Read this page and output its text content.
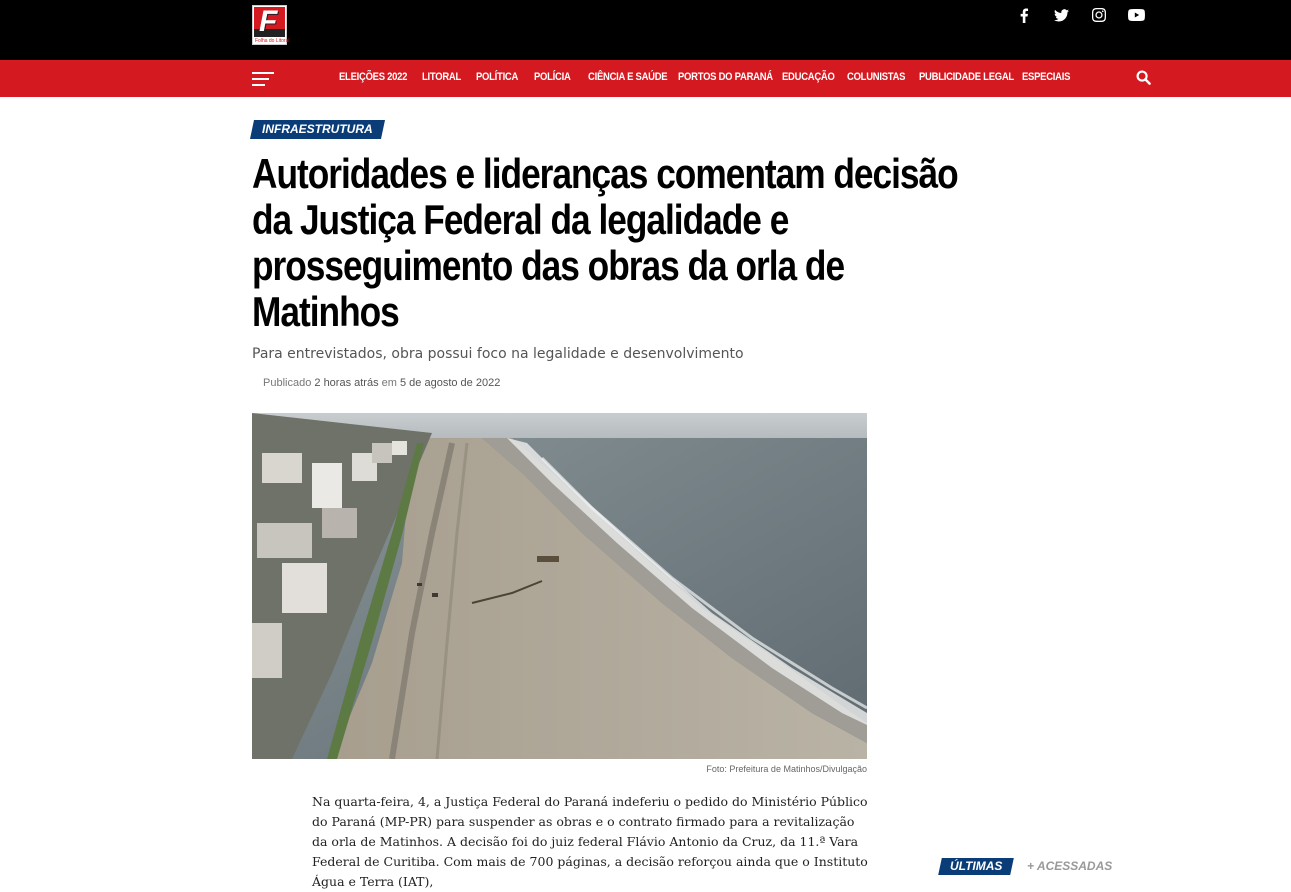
F
Folha do Litoral
ELEIÇÕES 2022 LITORAL POLÍTICA POLÍCIA CIÊNCIA E SAÚDE PORTOS DO PARANÁ EDUCAÇÃO COLUNISTAS PUBLICIDADE LEGAL ESPECIAIS
INFRAESTRUTURA
Autoridades e lideranças comentam decisão da Justiça Federal da legalidade e prosseguimento das obras da orla de Matinhos

Para entrevistados, obra possui foco na legalidade e desenvolvimento

Publicado 2 horas atrás em 5 de agosto de 2022
Foto: Prefeitura de Matinhos/Divulgação

Na quarta-feira, 4, a Justiça Federal do Paraná indeferiu o pedido do Ministério Público do Paraná (MP-PR) para suspender as obras e o contrato firmado para a revitalização da orla de Matinhos. A decisão foi do juiz federal Flávio Antonio da Cruz, da 11.ª Vara Federal de Curitiba. Com mais de 700 páginas, a decisão reforçou ainda que o Instituto Água e Terra (IAT),

ÚLTIMAS + ACESSADAS
